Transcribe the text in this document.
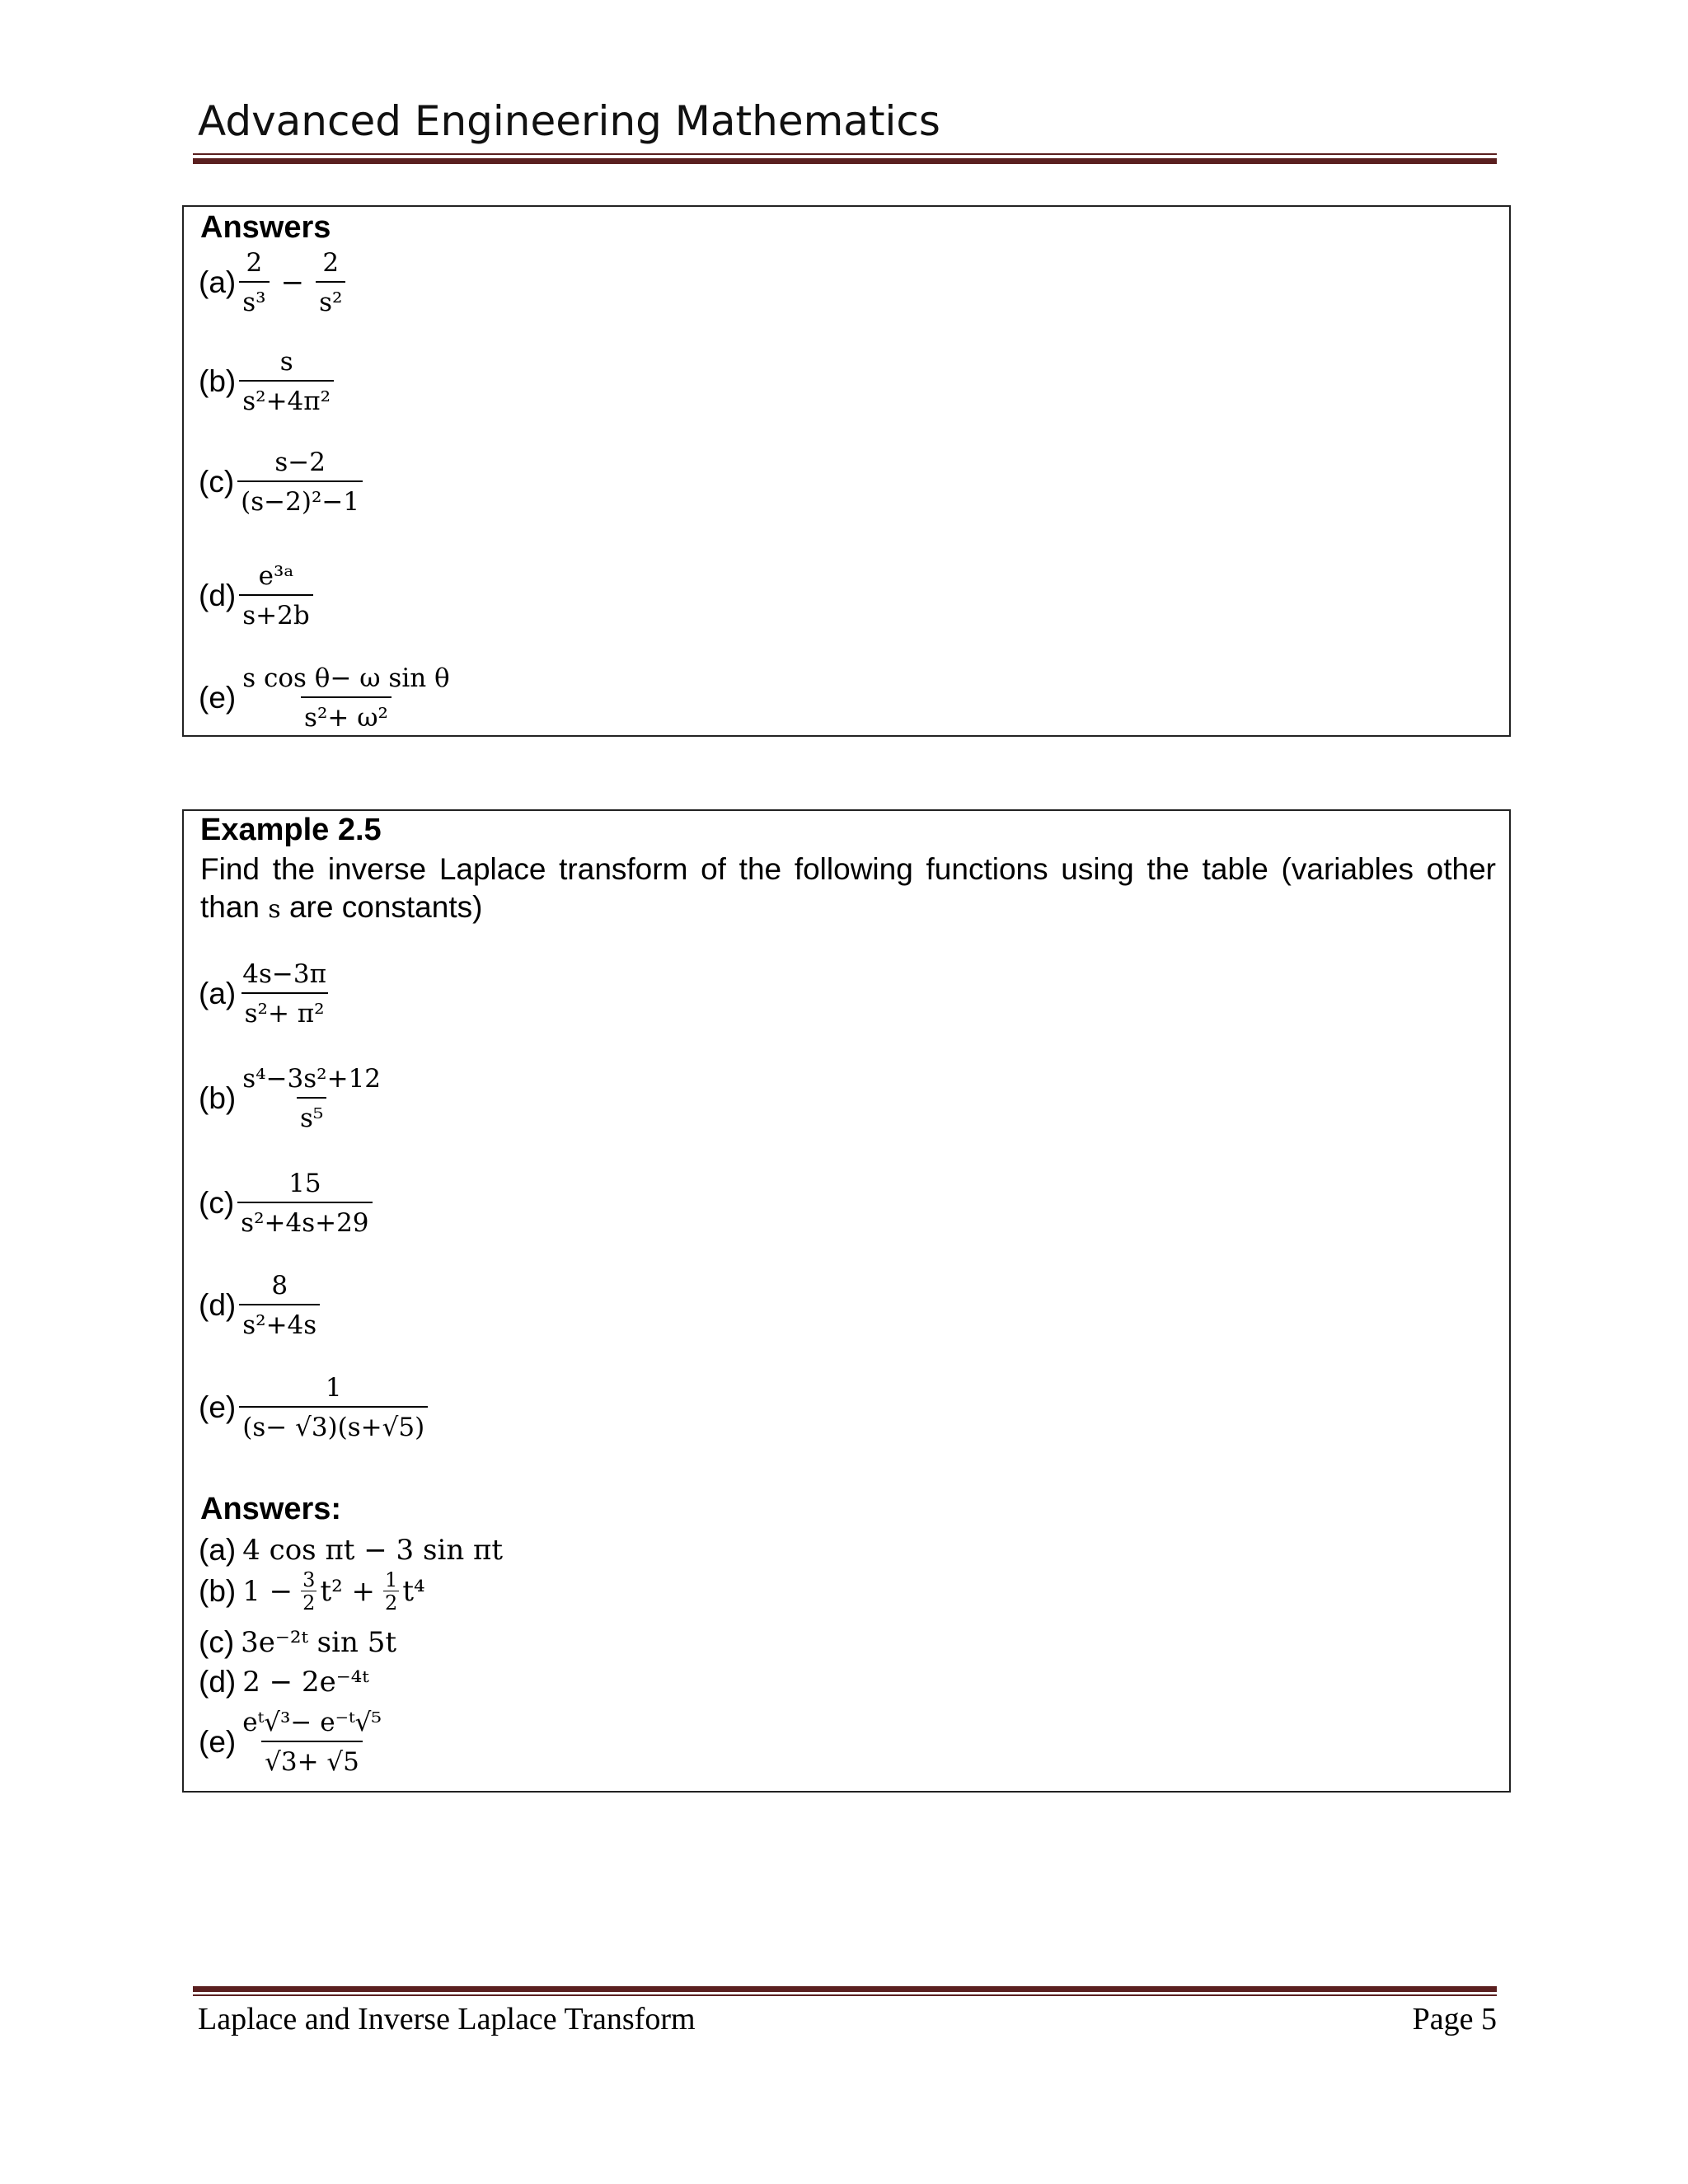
Advanced Engineering Mathematics
Answers
$(a) \frac{2}{\text{s³}} - \frac{2}{\text{s²}}$
$(b) \frac{s}{\text{s²+4π²}}$
$(c) \frac{s-2}{\text{(s−2)²−1}}$
$(d) \frac{\text{e³ᵃ}}{s+2b}$
$(e) \frac{\text{s cos θ− ω sin θ}}{\text{s²+ ω²}}$
Example 2.5
Find the inverse Laplace transform of the following functions using the table (variables other than s are constants)
$(a) \frac{4s-3\pi}{\text{s²+ π²}}$
$(b) \frac{\text{s⁴−3s²+12}}{\text{s⁵}}$
$(c) \frac{15}{\text{s²+4s+29}}$
$(d) \frac{8}{\text{s²+4s}}$
$(e) \frac{1}{(s- √3)(s+√5)}$
Answers:
(a) 4 cos πt − 3 sin πt
(b) $1 - \frac{3}{2} t^2 + \frac{1}{2} t^4$
(c) 3e⁻²ᵗ sin 5t
(d) 2 − 2e⁻⁴ᵗ
$(e) \frac{\text{eᵗ√³− e⁻ᵗ√⁵}}{√3+ √5}$
Laplace and Inverse Laplace Transform	Page 5
